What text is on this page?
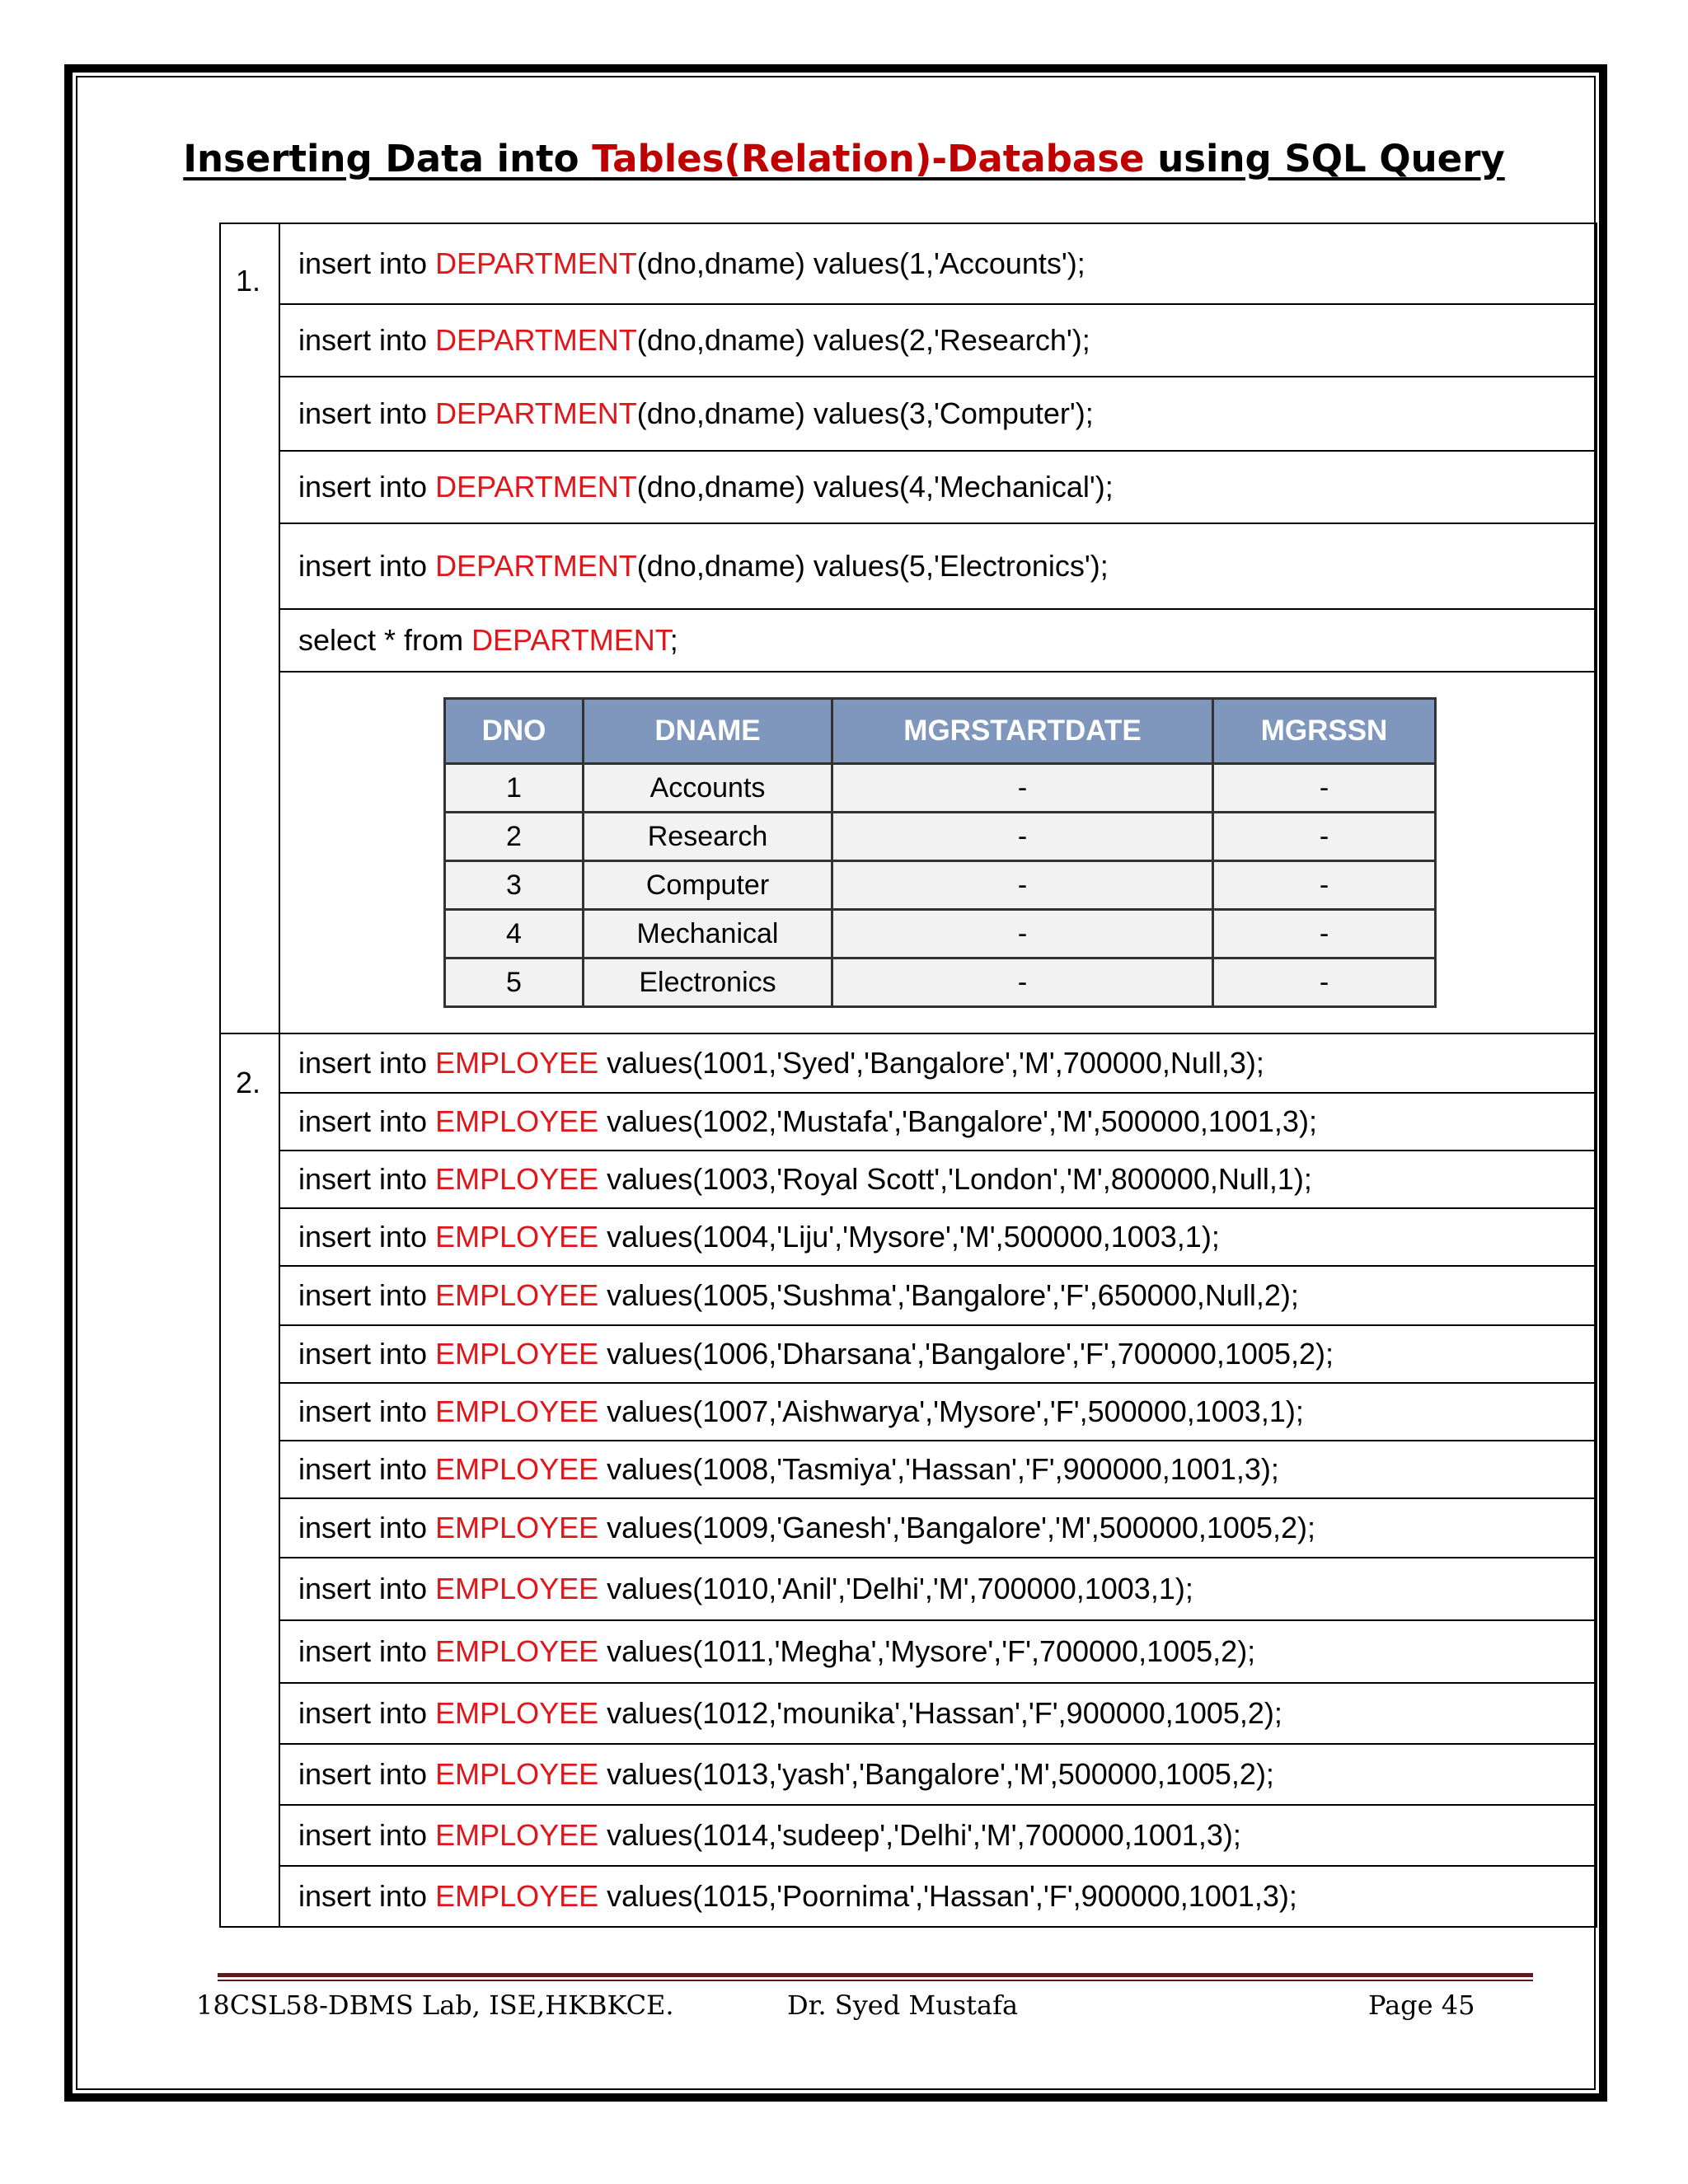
Inserting Data into Tables(Relation)-Database using SQL Query
1.
	insert into DEPARTMENT(dno,dname) values(1,'Accounts');
insert into DEPARTMENT(dno,dname) values(2,'Research');
insert into DEPARTMENT(dno,dname) values(3,'Computer');
insert into DEPARTMENT(dno,dname) values(4,'Mechanical');
insert into DEPARTMENT(dno,dname) values(5,'Electronics');
select * from DEPARTMENT;

DNO	DNAME	MGRSTARTDATE	MGRSSN
1	Accounts	-	-
2	Research	-	-
3	Computer	-	-
4	Mechanical	-	-
5	Electronics	-	-

2.
	insert into EMPLOYEE values(1001,'Syed','Bangalore','M',700000,Null,3);
insert into EMPLOYEE values(1002,'Mustafa','Bangalore','M',500000,1001,3);
insert into EMPLOYEE values(1003,'Royal Scott','London','M',800000,Null,1);
insert into EMPLOYEE values(1004,'Liju','Mysore','M',500000,1003,1);
insert into EMPLOYEE values(1005,'Sushma','Bangalore','F',650000,Null,2);
insert into EMPLOYEE values(1006,'Dharsana','Bangalore','F',700000,1005,2);
insert into EMPLOYEE values(1007,'Aishwarya','Mysore','F',500000,1003,1);
insert into EMPLOYEE values(1008,'Tasmiya','Hassan','F',900000,1001,3);
insert into EMPLOYEE values(1009,'Ganesh','Bangalore','M',500000,1005,2);
insert into EMPLOYEE values(1010,'Anil','Delhi','M',700000,1003,1);
insert into EMPLOYEE values(1011,'Megha','Mysore','F',700000,1005,2);
insert into EMPLOYEE values(1012,'mounika','Hassan','F',900000,1005,2);
insert into EMPLOYEE values(1013,'yash','Bangalore','M',500000,1005,2);
insert into EMPLOYEE values(1014,'sudeep','Delhi','M',700000,1001,3);
insert into EMPLOYEE values(1015,'Poornima','Hassan','F',900000,1001,3);
18CSL58-DBMS Lab, ISE,HKBKCE.	Dr. Syed Mustafa	Page 45
